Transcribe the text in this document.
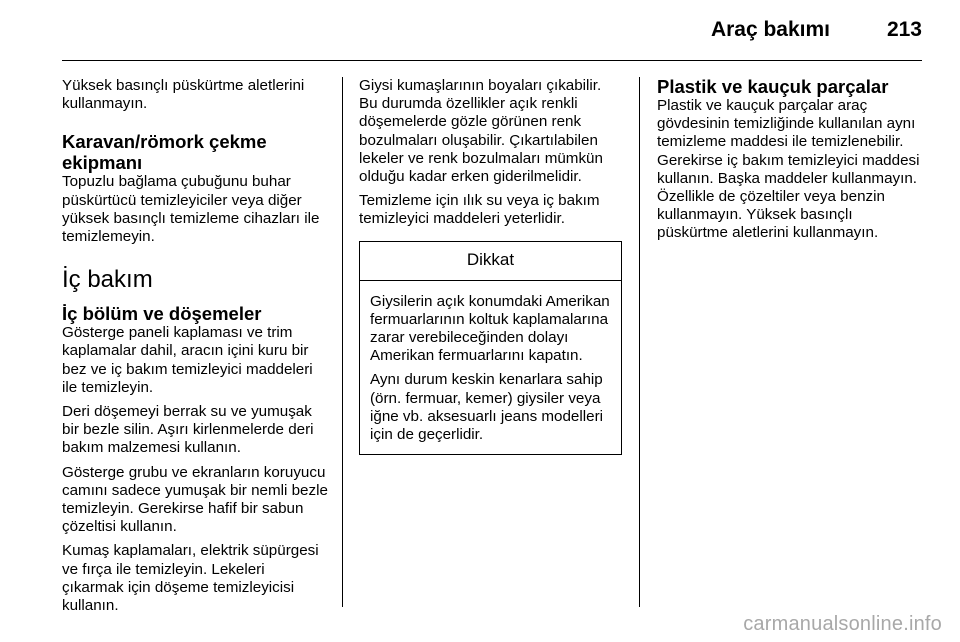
Araç bakımı	213

Yüksek basınçlı püskürtme aletlerini kullanmayın.

Karavan/römork çekme ekipmanı

Topuzlu bağlama çubuğunu buhar püskürtücü temizleyiciler veya diğer yüksek basınçlı temizleme cihazları ile temizlemeyin.

İç bakım
İç bölüm ve döşemeler

Gösterge paneli kaplaması ve trim kaplamalar dahil, aracın içini kuru bir bez ve iç bakım temizleyici maddeleri ile temizleyin.

Deri döşemeyi berrak su ve yumuşak bir bezle silin. Aşırı kirlenmelerde deri bakım malzemesi kullanın.

Gösterge grubu ve ekranların koruyucu camını sadece yumuşak bir nemli bezle temizleyin. Gerekirse hafif bir sabun çözeltisi kullanın.

Kumaş kaplamaları, elektrik süpürgesi ve fırça ile temizleyin. Lekeleri çıkarmak için döşeme temizleyicisi kullanın.

Giysi kumaşlarının boyaları çıkabilir. Bu durumda özellikler açık renkli döşemelerde gözle görünen renk bozulmaları oluşabilir. Çıkartılabilen lekeler ve renk bozulmaları mümkün olduğu kadar erken giderilmelidir.

Temizleme için ılık su veya iç bakım temizleyici maddeleri yeterlidir.

Dikkat

Giysilerin açık konumdaki Amerikan fermuarlarının koltuk kaplamalarına zarar verebileceğinden dolayı Amerikan fermuarlarını kapatın.

Aynı durum keskin kenarlara sahip (örn. fermuar, kemer) giysiler veya iğne vb. aksesuarlı jeans modelleri için de geçerlidir.

Plastik ve kauçuk parçalar

Plastik ve kauçuk parçalar araç gövdesinin temizliğinde kullanılan aynı temizleme maddesi ile temizlenebilir. Gerekirse iç bakım temizleyici maddesi kullanın. Başka maddeler kullanmayın. Özellikle de çözeltiler veya benzin kullanmayın. Yüksek basınçlı püskürtme aletlerini kullanmayın.

carmanualsonline.info
